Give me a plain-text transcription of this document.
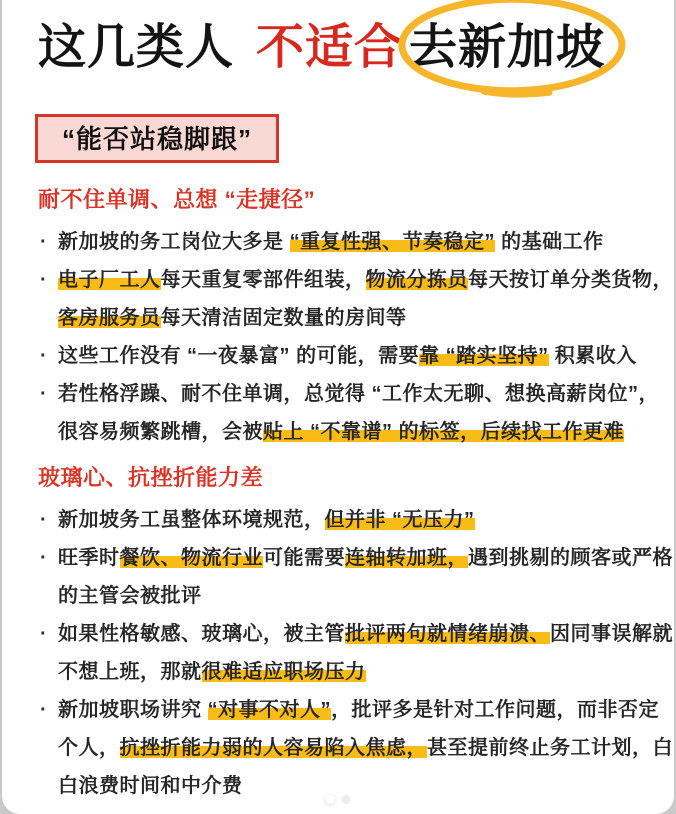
这几类人 不适合 去新加坡
“能否站稳脚跟”
耐不住单调、总想 “走捷径”
· 新加坡的务工岗位大多是 “重复性强、节奏稳定” 的基础工作
· 电子厂工人每天重复零部件组装，物流分拣员每天按订单分类货物，
客房服务员每天清洁固定数量的房间等
· 这些工作没有 “一夜暴富” 的可能，需要靠 “踏实坚持” 积累收入
· 若性格浮躁、耐不住单调，总觉得 “工作太无聊、想换高薪岗位”，
很容易频繁跳槽，会被贴上 “不靠谱” 的标签，后续找工作更难
玻璃心、抗挫折能力差
· 新加坡务工虽整体环境规范，但并非 “无压力”
· 旺季时餐饮、物流行业可能需要连轴转加班，遇到挑剔的顾客或严格
的主管会被批评
· 如果性格敏感、玻璃心，被主管批评两句就情绪崩溃、因同事误解就
不想上班，那就很难适应职场压力
· 新加坡职场讲究 “对事不对人”，批评多是针对工作问题，而非否定
个人，抗挫折能力弱的人容易陷入焦虑，甚至提前终止务工计划，白
白浪费时间和中介费
